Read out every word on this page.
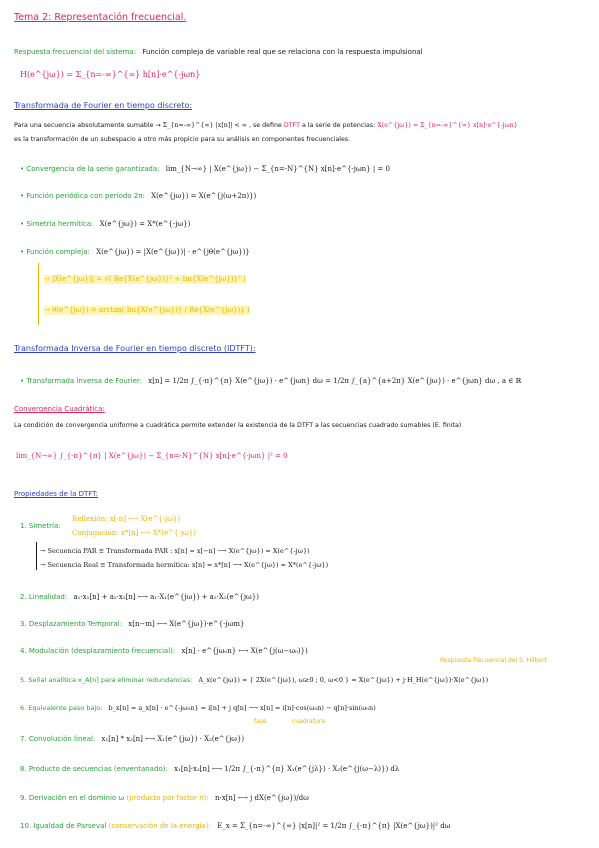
Tema 2: Representación frecuencial.
Respuesta frecuencial del sistema: Función compleja de variable real que se relaciona con la respuesta impulsional
H(e^{jω}) = Σ_{n=-∞}^{∞} h[n]·e^{-jωn}
Transformada de Fourier en tiempo discreto:
Para una secuencia absolutamente sumable → Σ_{n=-∞}^{∞} |x[n]| < ∞ , se define DTFT a la serie de potencias: X(e^{jω}) = Σ_{n=-∞}^{∞} x[n]·e^{-jωn}
es la transformación de un subespacio a otro más propicio para su análisis en componentes frecuenciales.
• Convergencia de la serie garantizada: lim_{N→∞} | X(e^{jω}) − Σ_{n=-N}^{N} x[n]·e^{-jωn} | = 0
• Función periódica con período 2π: X(e^{jω}) = X(e^{j(ω+2π)})
• Simetría hermítica: X(e^{jω}) = X*(e^{-jω})
• Función compleja: X(e^{jω}) = |X(e^{jω})| · e^{jθ(e^{jω})}
→ |X(e^{jω})| = √( Re{X(e^{jω})}² + Im{X(e^{jω})}² )
→ θ(e^{jω}) = arctan( Im{X(e^{jω})} / Re{X(e^{jω})} )
Transformada Inversa de Fourier en tiempo discreto (IDTFT):
• Transformada inversa de Fourier: x[n] = 1/2π ∫_{-π}^{π} X(e^{jω}) · e^{jωn} dω = 1/2π ∫_{a}^{a+2π} X(e^{jω}) · e^{jωn} dω , a ∈ ℝ
Convergencia Cuadrática:
La condición de convergencia uniforme a cuadrática permite extender la existencia de la DTFT a las secuencias cuadrado sumables (E. finita)
lim_{N→∞} ∫_{-π}^{π} | X(e^{jω}) − Σ_{n=-N}^{N} x[n]·e^{-jωn} |² = 0
Propiedades de la DTFT:
1. Simetría:
Reflexión: x[-n] ⟷ X(e^{-jω})
Conjugación: x*[n] ⟷ X*(e^{-jω})
→ Secuencia PAR ≡ Transformada PAR : x[n] = x[−n] ⟶ X(e^{jω}) = X(e^{-jω})
→ Secuencia Real ≡ Transformada hermítica: x[n] = x*[n] ⟶ X(e^{jω}) = X*(e^{-jω})
2. Linealidad: a₁·x₁[n] + a₂·x₂[n] ⟷ a₁·X₁(e^{jω}) + a₂·X₂(e^{jω})
3. Desplazamiento Temporal: x[n−m] ⟷ X(e^{jω})·e^{-jωm}
4. Modulación (desplazamiento frecuencial): x[n] · e^{jω₀n} ⟷ X(e^{j(ω−ω₀)})
Respuesta frecuencial del S. Hilbert
5. Señal analítica x_A[n] para eliminar redundancias: A_x(e^{jω}) = { 2X(e^{jω}), ω≥0 ; 0, ω<0 } = X(e^{jω}) + j·H_H(e^{jω})·X(e^{jω})
6. Equivalente paso bajo: b_x[n] = a_x[n] · e^{-jω₀n} = i[n] + j q[n] ⟶ x[n] = i[n]·cos(ω₀n) − q[n]·sin(ω₀n)
fase	cuadratura
7. Convolución lineal: x₁[n] * x₂[n] ⟷ X₁(e^{jω}) · X₂(e^{jω})
8. Producto de secuencias (enventanado): x₁[n]·x₂[n] ⟷ 1/2π ∫_{-π}^{π} X₁(e^{jλ}) · X₂(e^{j(ω−λ)}) dλ
9. Derivación en el dominio ω (producto por factor n): n·x[n] ⟷ j dX(e^{jω})/dω
10. Igualdad de Parseval (conservación de la energía): E_x = Σ_{n=-∞}^{∞} |x[n]|² = 1/2π ∫_{-π}^{π} |X(e^{jω})|² dω
